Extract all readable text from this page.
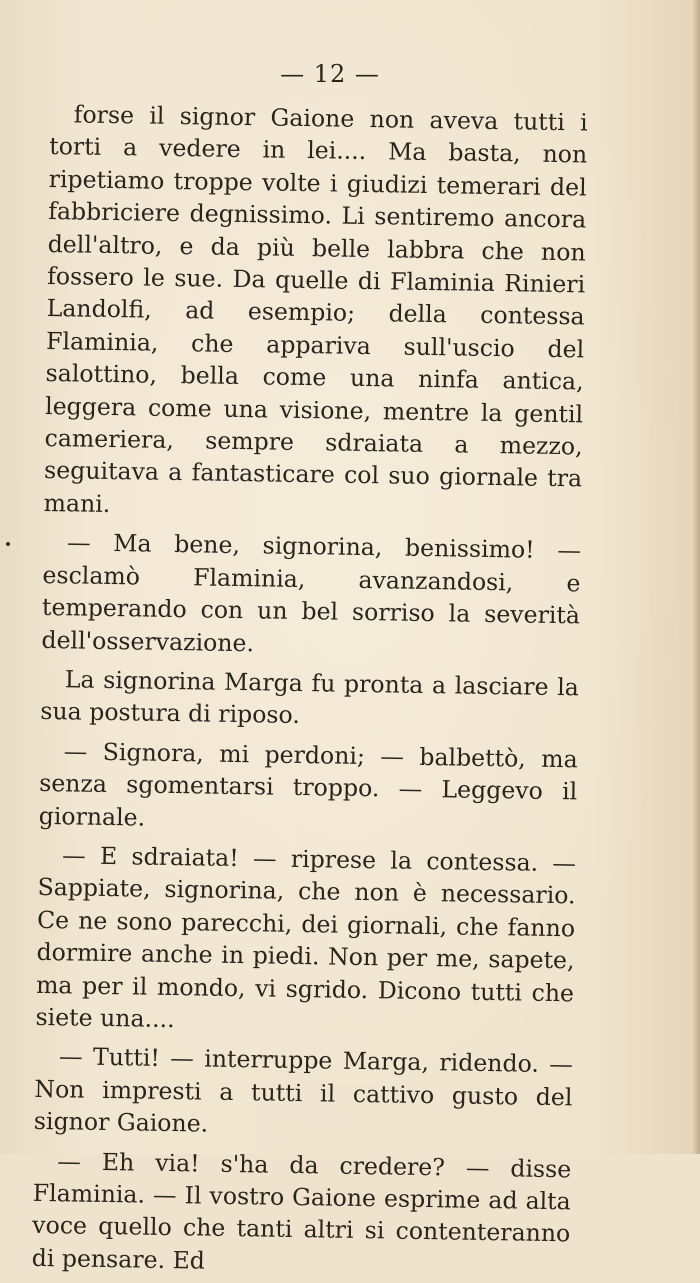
— 12 —

forse il signor Gaione non aveva tutti i torti a vedere in lei.... Ma basta, non ripetiamo troppe volte i giudizi temerari del fabbriciere degnissimo. Li sentiremo ancora dell'altro, e da più belle labbra che non fossero le sue. Da quelle di Flaminia Rinieri Landolfi, ad esempio; della contessa Flaminia, che appariva sull'uscio del salottino, bella come una ninfa antica, leggera come una visione, mentre la gentil cameriera, sempre sdraiata a mezzo, seguitava a fantasticare col suo giornale tra mani.

— Ma bene, signorina, benissimo! — esclamò Flaminia, avanzandosi, e temperando con un bel sorriso la severità dell'osservazione.

La signorina Marga fu pronta a lasciare la sua postura di riposo.

— Signora, mi perdoni; — balbettò, ma senza sgomentarsi troppo. — Leggevo il giornale.

— E sdraiata! — riprese la contessa. — Sappiate, signorina, che non è necessario. Ce ne sono parecchi, dei giornali, che fanno dormire anche in piedi. Non per me, sapete, ma per il mondo, vi sgrido. Dicono tutti che siete una....

— Tutti! — interruppe Marga, ridendo. — Non impresti a tutti il cattivo gusto del signor Gaione.

— Eh via! s'ha da credere? — disse Flaminia. — Il vostro Gaione esprime ad alta voce quello che tanti altri si contenteranno di pensare. Ed
